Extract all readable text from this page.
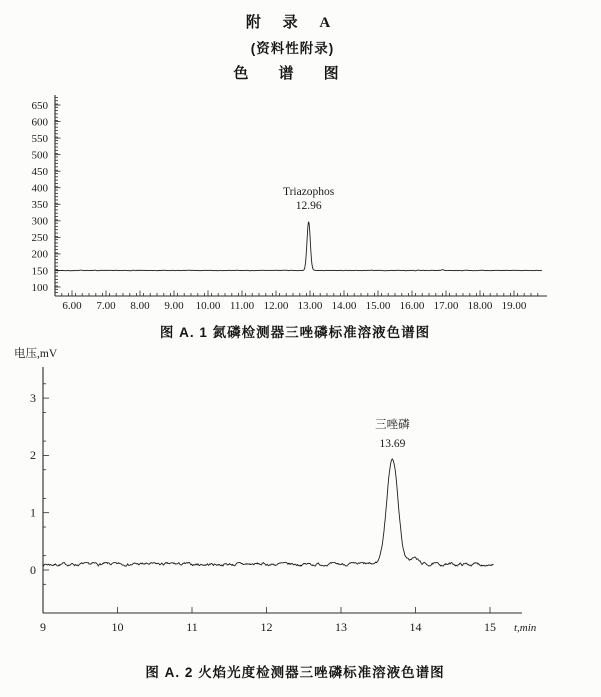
附 录 A
(资料性附录)
色 谱 图
100
150
200
250
300
350
400
450
500
550
600
650
6.00 7.00 8.00 9.00 10.00 11.00 12.00 13.00 14.00 15.00 16.00 17.00 18.00 19.00
Triazophos
12.96
图 A. 1 氮磷检测器三唑磷标准溶液色谱图
0
1
2
3
9	10	11	12	13	14	15
电压,mV
t,min
三唑磷
13.69
图 A. 2 火焰光度检测器三唑磷标准溶液色谱图
